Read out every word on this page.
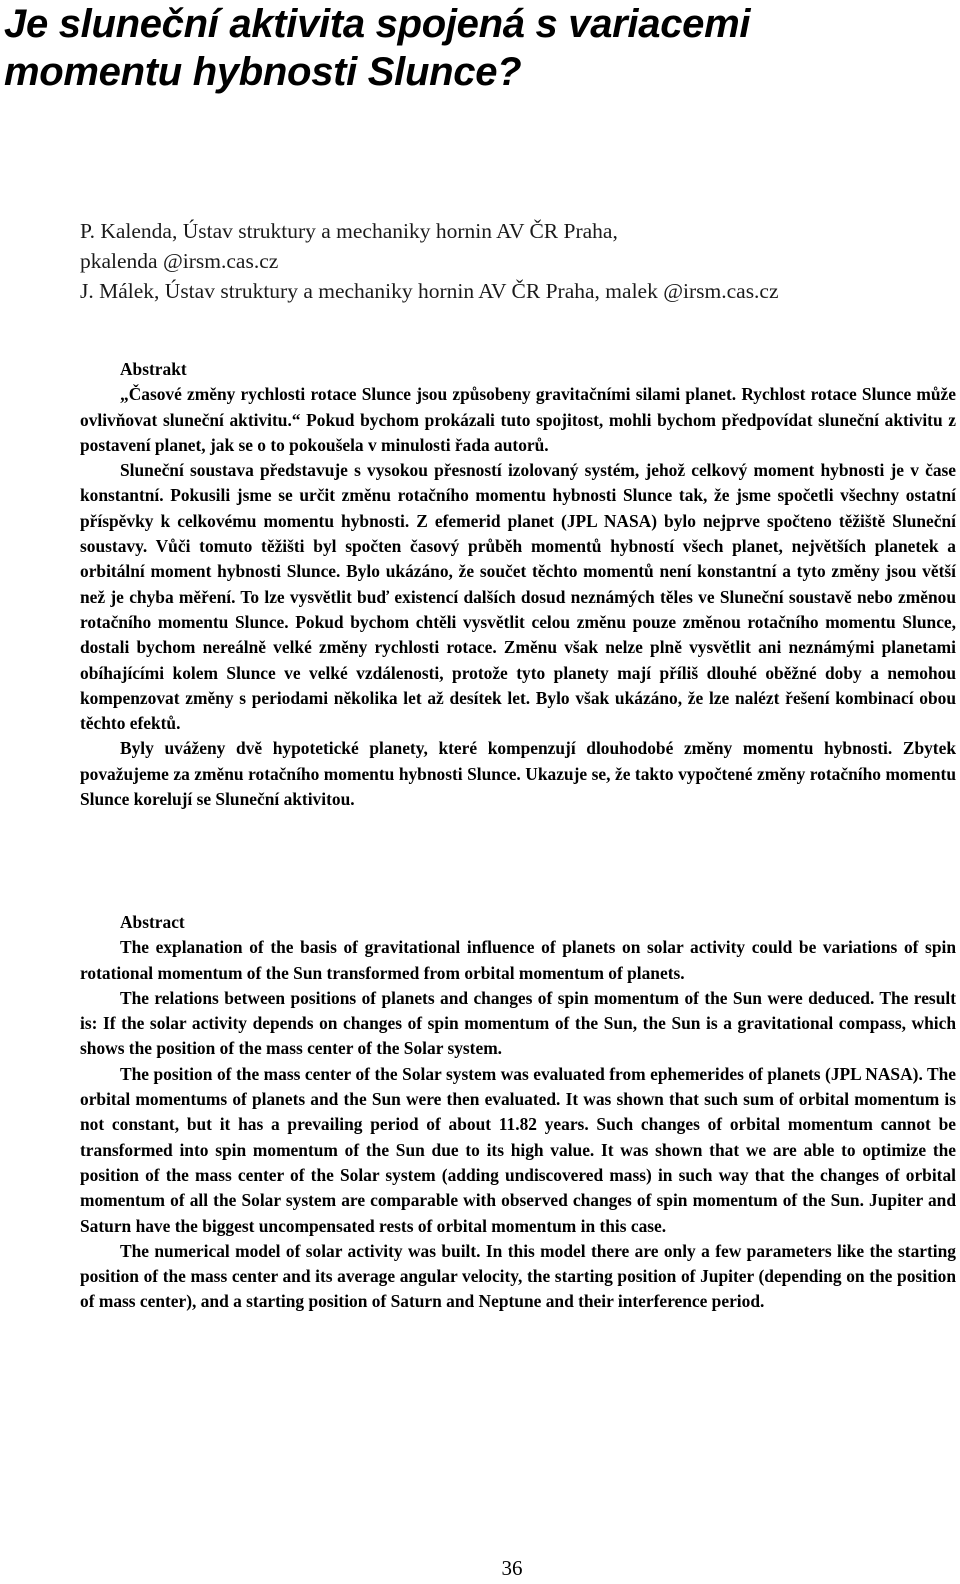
Je sluneční aktivita spojená s variacemi
momentu hybnosti Slunce?
P. Kalenda, Ústav struktury a mechaniky hornin AV ČR Praha,
pkalenda @irsm.cas.cz
J. Málek, Ústav struktury a mechaniky hornin AV ČR Praha, malek @irsm.cas.cz
Abstrakt

„Časové změny rychlosti rotace Slunce jsou způsobeny gravitačními silami planet. Rychlost rotace Slunce může ovlivňovat sluneční aktivitu.“ Pokud bychom prokázali tuto spojitost, mohli bychom předpovídat sluneční aktivitu z postavení planet, jak se o to pokoušela v minulosti řada autorů.

Sluneční soustava představuje s vysokou přesností izolovaný systém, jehož celkový moment hybnosti je v čase konstantní. Pokusili jsme se určit změnu rotačního momentu hybnosti Slunce tak, že jsme spočetli všechny ostatní příspěvky k celkovému momentu hybnosti. Z efemerid planet (JPL NASA) bylo nejprve spočteno těžiště Sluneční soustavy. Vůči tomuto těžišti byl spočten časový průběh momentů hybností všech planet, největších planetek a orbitální moment hybnosti Slunce. Bylo ukázáno, že součet těchto momentů není konstantní a tyto změny jsou větší než je chyba měření. To lze vysvětlit buď existencí dalších dosud neznámých těles ve Sluneční soustavě nebo změnou rotačního momentu Slunce. Pokud bychom chtěli vysvětlit celou změnu pouze změnou rotačního momentu Slunce, dostali bychom nereálně velké změny rychlosti rotace. Změnu však nelze plně vysvětlit ani neznámými planetami obíhajícími kolem Slunce ve velké vzdálenosti, protože tyto planety mají příliš dlouhé oběžné doby a nemohou kompenzovat změny s periodami několika let až desítek let. Bylo však ukázáno, že lze nalézt řešení kombinací obou těchto efektů.

Byly uváženy dvě hypotetické planety, které kompenzují dlouhodobé změny momentu hybnosti. Zbytek považujeme za změnu rotačního momentu hybnosti Slunce. Ukazuje se, že takto vypočtené změny rotačního momentu Slunce korelují se Sluneční aktivitou.

Abstract

The explanation of the basis of gravitational influence of planets on solar activity could be variations of spin rotational momentum of the Sun transformed from orbital momentum of planets.

The relations between positions of planets and changes of spin momentum of the Sun were deduced. The result is: If the solar activity depends on changes of spin momentum of the Sun, the Sun is a gravitational compass, which shows the position of the mass center of the Solar system.

The position of the mass center of the Solar system was evaluated from ephemerides of planets (JPL NASA). The orbital momentums of planets and the Sun were then evaluated. It was shown that such sum of orbital momentum is not constant, but it has a prevailing period of about 11.82 years. Such changes of orbital momentum cannot be transformed into spin momentum of the Sun due to its high value. It was shown that we are able to optimize the position of the mass center of the Solar system (adding undiscovered mass) in such way that the changes of orbital momentum of all the Solar system are comparable with observed changes of spin momentum of the Sun. Jupiter and Saturn have the biggest uncompensated rests of orbital momentum in this case.

The numerical model of solar activity was built. In this model there are only a few parameters like the starting position of the mass center and its average angular velocity, the starting position of Jupiter (depending on the position of mass center), and a starting position of Saturn and Neptune and their interference period.

36
